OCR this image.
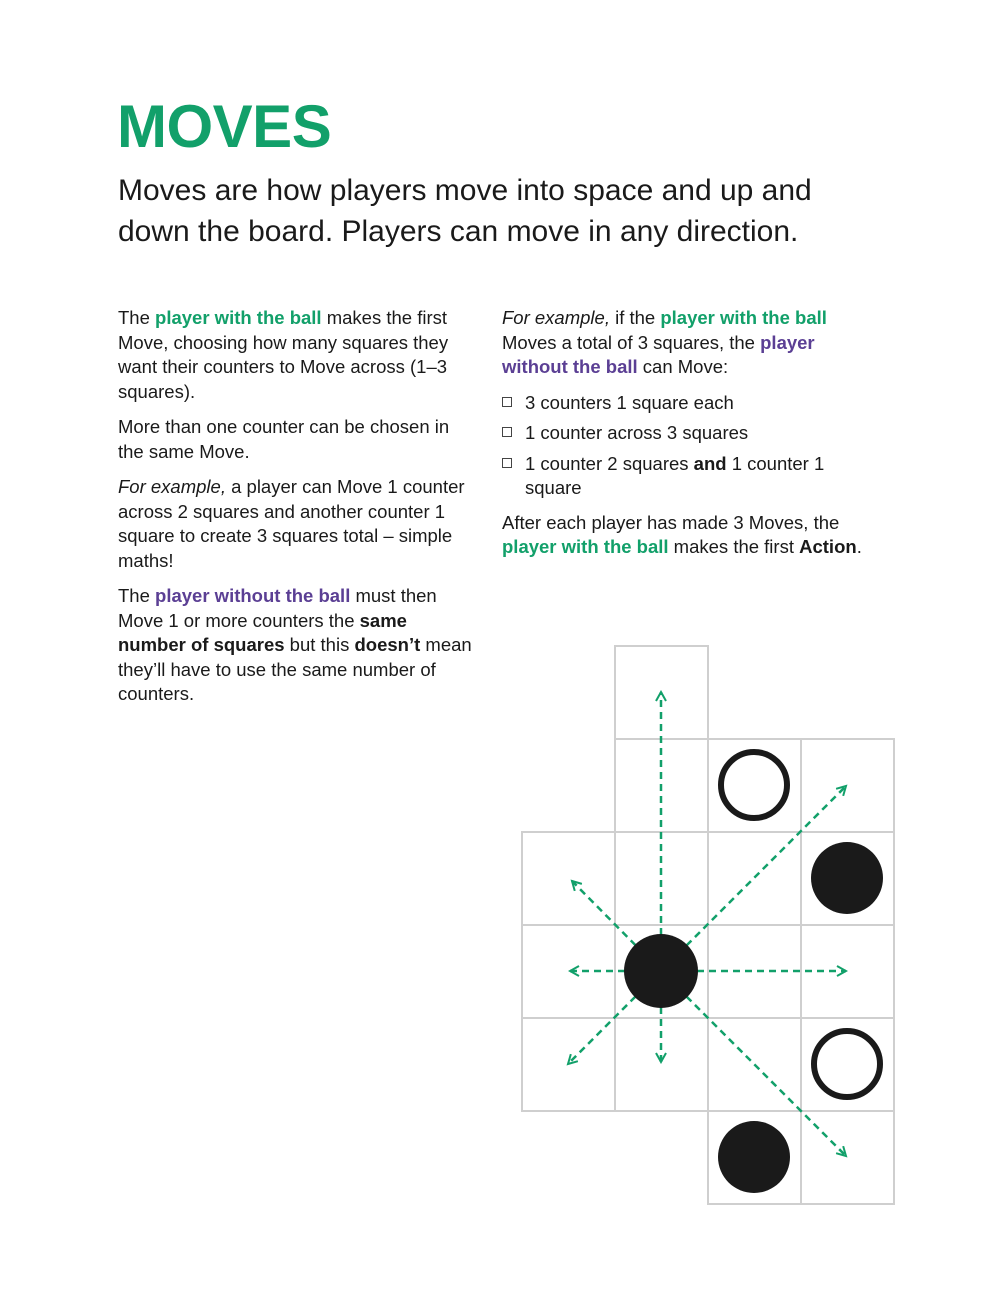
MOVES

Moves are how players move into space and up and down the board. Players can move in any direction.

The player with the ball makes the first Move, choosing how many squares they want their counters to Move across (1–3 squares).

More than one counter can be chosen in the same Move.

For example, a player can Move 1 counter across 2 squares and another counter 1 square to create 3 squares total – simple maths!

The player without the ball must then Move 1 or more counters the same number of squares but this doesn’t mean they’ll have to use the same number of counters.

For example, if the player with the ball Moves a total of 3 squares, the player without the ball can Move:

3 counters 1 square each
1 counter across 3 squares
1 counter 2 squares and 1 counter 1 square

After each player has made 3 Moves, the player with the ball makes the first Action.
